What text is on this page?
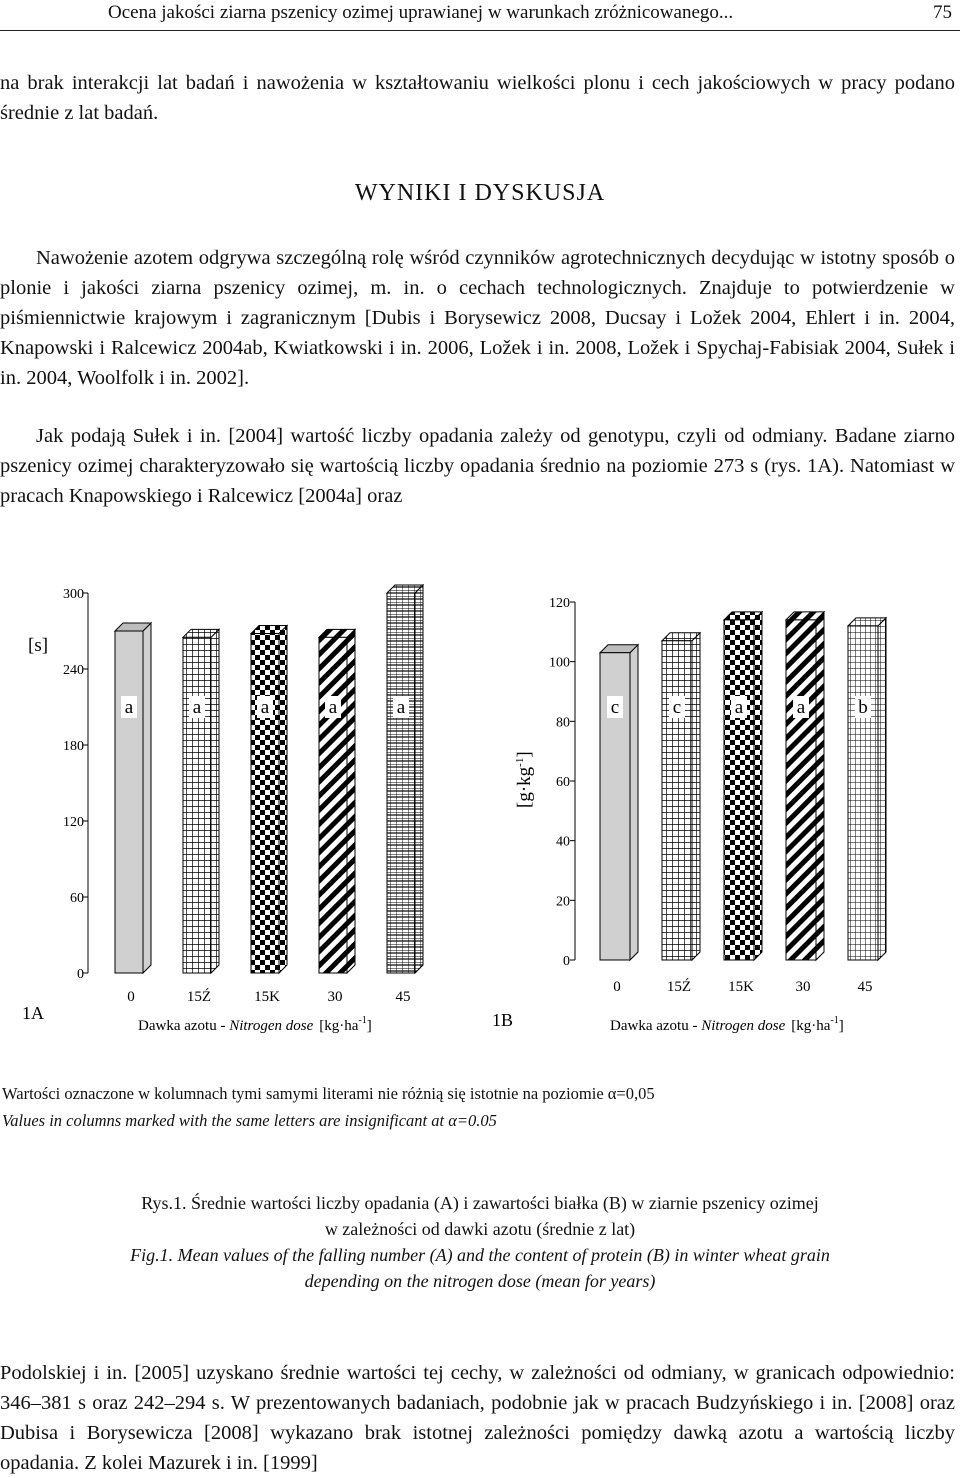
Ocena jakości ziarna pszenicy ozimej uprawianej w warunkach zróżnicowanego...	75

na brak interakcji lat badań i nawożenia w kształtowaniu wielkości plonu i cech jakościowych w pracy podano średnie z lat badań.

WYNIKI I DYSKUSJA

Nawożenie azotem odgrywa szczególną rolę wśród czynników agrotechnicznych decydując w istotny sposób o plonie i jakości ziarna pszenicy ozimej, m. in. o cechach technologicznych. Znajduje to potwierdzenie w piśmiennictwie krajowym i zagranicznym [Dubis i Borysewicz 2008, Ducsay i Ložek 2004, Ehlert i in. 2004, Knapowski i Ralcewicz 2004ab, Kwiatkowski i in. 2006, Ložek i in. 2008, Ložek i Spychaj-Fabisiak 2004, Sułek i in. 2004, Woolfolk i in. 2002].

Jak podają Sułek i in. [2004] wartość liczby opadania zależy od genotypu, czyli od odmiany. Badane ziarno pszenicy ozimej charakteryzowało się wartością liczby opadania średnio na poziomie 273 s (rys. 1A). Natomiast w pracach Knapowskiego i Ralcewicz [2004a] oraz

0
60
120
180
240
300
a
0
a
15Ź
a
15K
a
30
a
45
[s]
Dawka azotu - Nitrogen dose $[kg\cdot ha^{-1}]$
1A
0
20
40
60
80
100
120
c
0
c
15Ź
a
15K
a
30
b
45
$[g\cdot kg^{-1}]$
Dawka azotu - Nitrogen dose $[kg\cdot ha^{-1}]$
1B
Wartości oznaczone w kolumnach tymi samymi literami nie różnią się istotnie na poziomie α=0,05
Values in columns marked with the same letters are insignificant at α=0.05
Rys.1. Średnie wartości liczby opadania (A) i zawartości białka (B) w ziarnie pszenicy ozimej
w zależności od dawki azotu (średnie z lat)
Fig.1. Mean values of the falling number (A) and the content of protein (B) in winter wheat grain
depending on the nitrogen dose (mean for years)

Podolskiej i in. [2005] uzyskano średnie wartości tej cechy, w zależności od odmiany, w granicach odpowiednio: 346–381 s oraz 242–294 s. W prezentowanych badaniach, podobnie jak w pracach Budzyńskiego i in. [2008] oraz Dubisa i Borysewicza [2008] wykazano brak istotnej zależności pomiędzy dawką azotu a wartością liczby opadania. Z kolei Mazurek i in. [1999]
